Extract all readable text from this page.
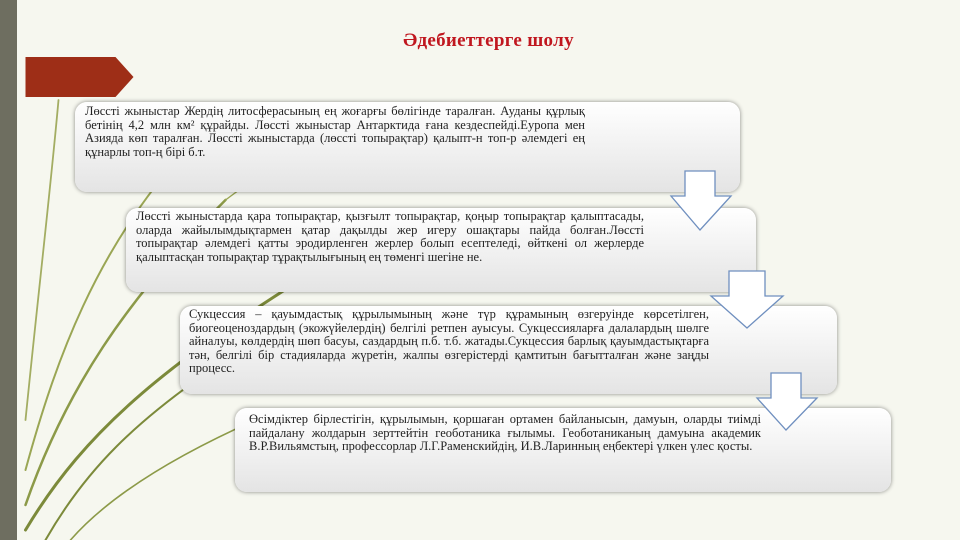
Әдебиеттерге шолу

Лөссті жыныстар Жердің литосферасының ең жоғарғы бөлігінде таралған. Ауданы құрлық бетінің 4,2 млн км² құрайды. Лөссті жыныстар Антарктида ғана кездеспейді.Еуропа мен Азияда көп таралған. Лөссті жыныстарда (лөссті топырақтар) қалыпт-н топ-р әлемдегі ең құнарлы топ-ң бірі б.т.

Лөссті жыныстарда қара топырақтар, қызғылт топырақтар, қоңыр топырақтар қалыптасады, оларда жайылымдықтармен қатар дақылды жер игеру ошақтары пайда болған.Лөссті топырақтар әлемдегі қатты эродирленген жерлер болып есептеледі, өйткені ол жерлерде қалыптасқан топырақтар тұрақтылығының ең төменгі шегіне не.

Сукцессия – қауымдастық құрылымының және түр құрамының өзгеруінде көрсетілген, биогеоценоздардың (экожүйелердің) белгілі ретпен ауысуы. Сукцессияларға далалардың шөлге айналуы, көлдердің шөп басуы, саздардың п.б. т.б. жатады.Сукцессия барлық қауымдастықтарға тән, белгілі бір стадияларда жүретін, жалпы өзгерістерді қамтитын бағытталған және заңды процесс.

Өсімдіктер бірлестігін, құрылымын, қоршаған ортамен байланысын, дамуын, оларды тиімді пайдалану жолдарын зерттейтін геоботаника ғылымы. Геоботаниканың дамуына академик В.Р.Вильямстың, профессорлар Л.Г.Раменскийдің, И.В.Ларинның еңбектері үлкен үлес қосты.
